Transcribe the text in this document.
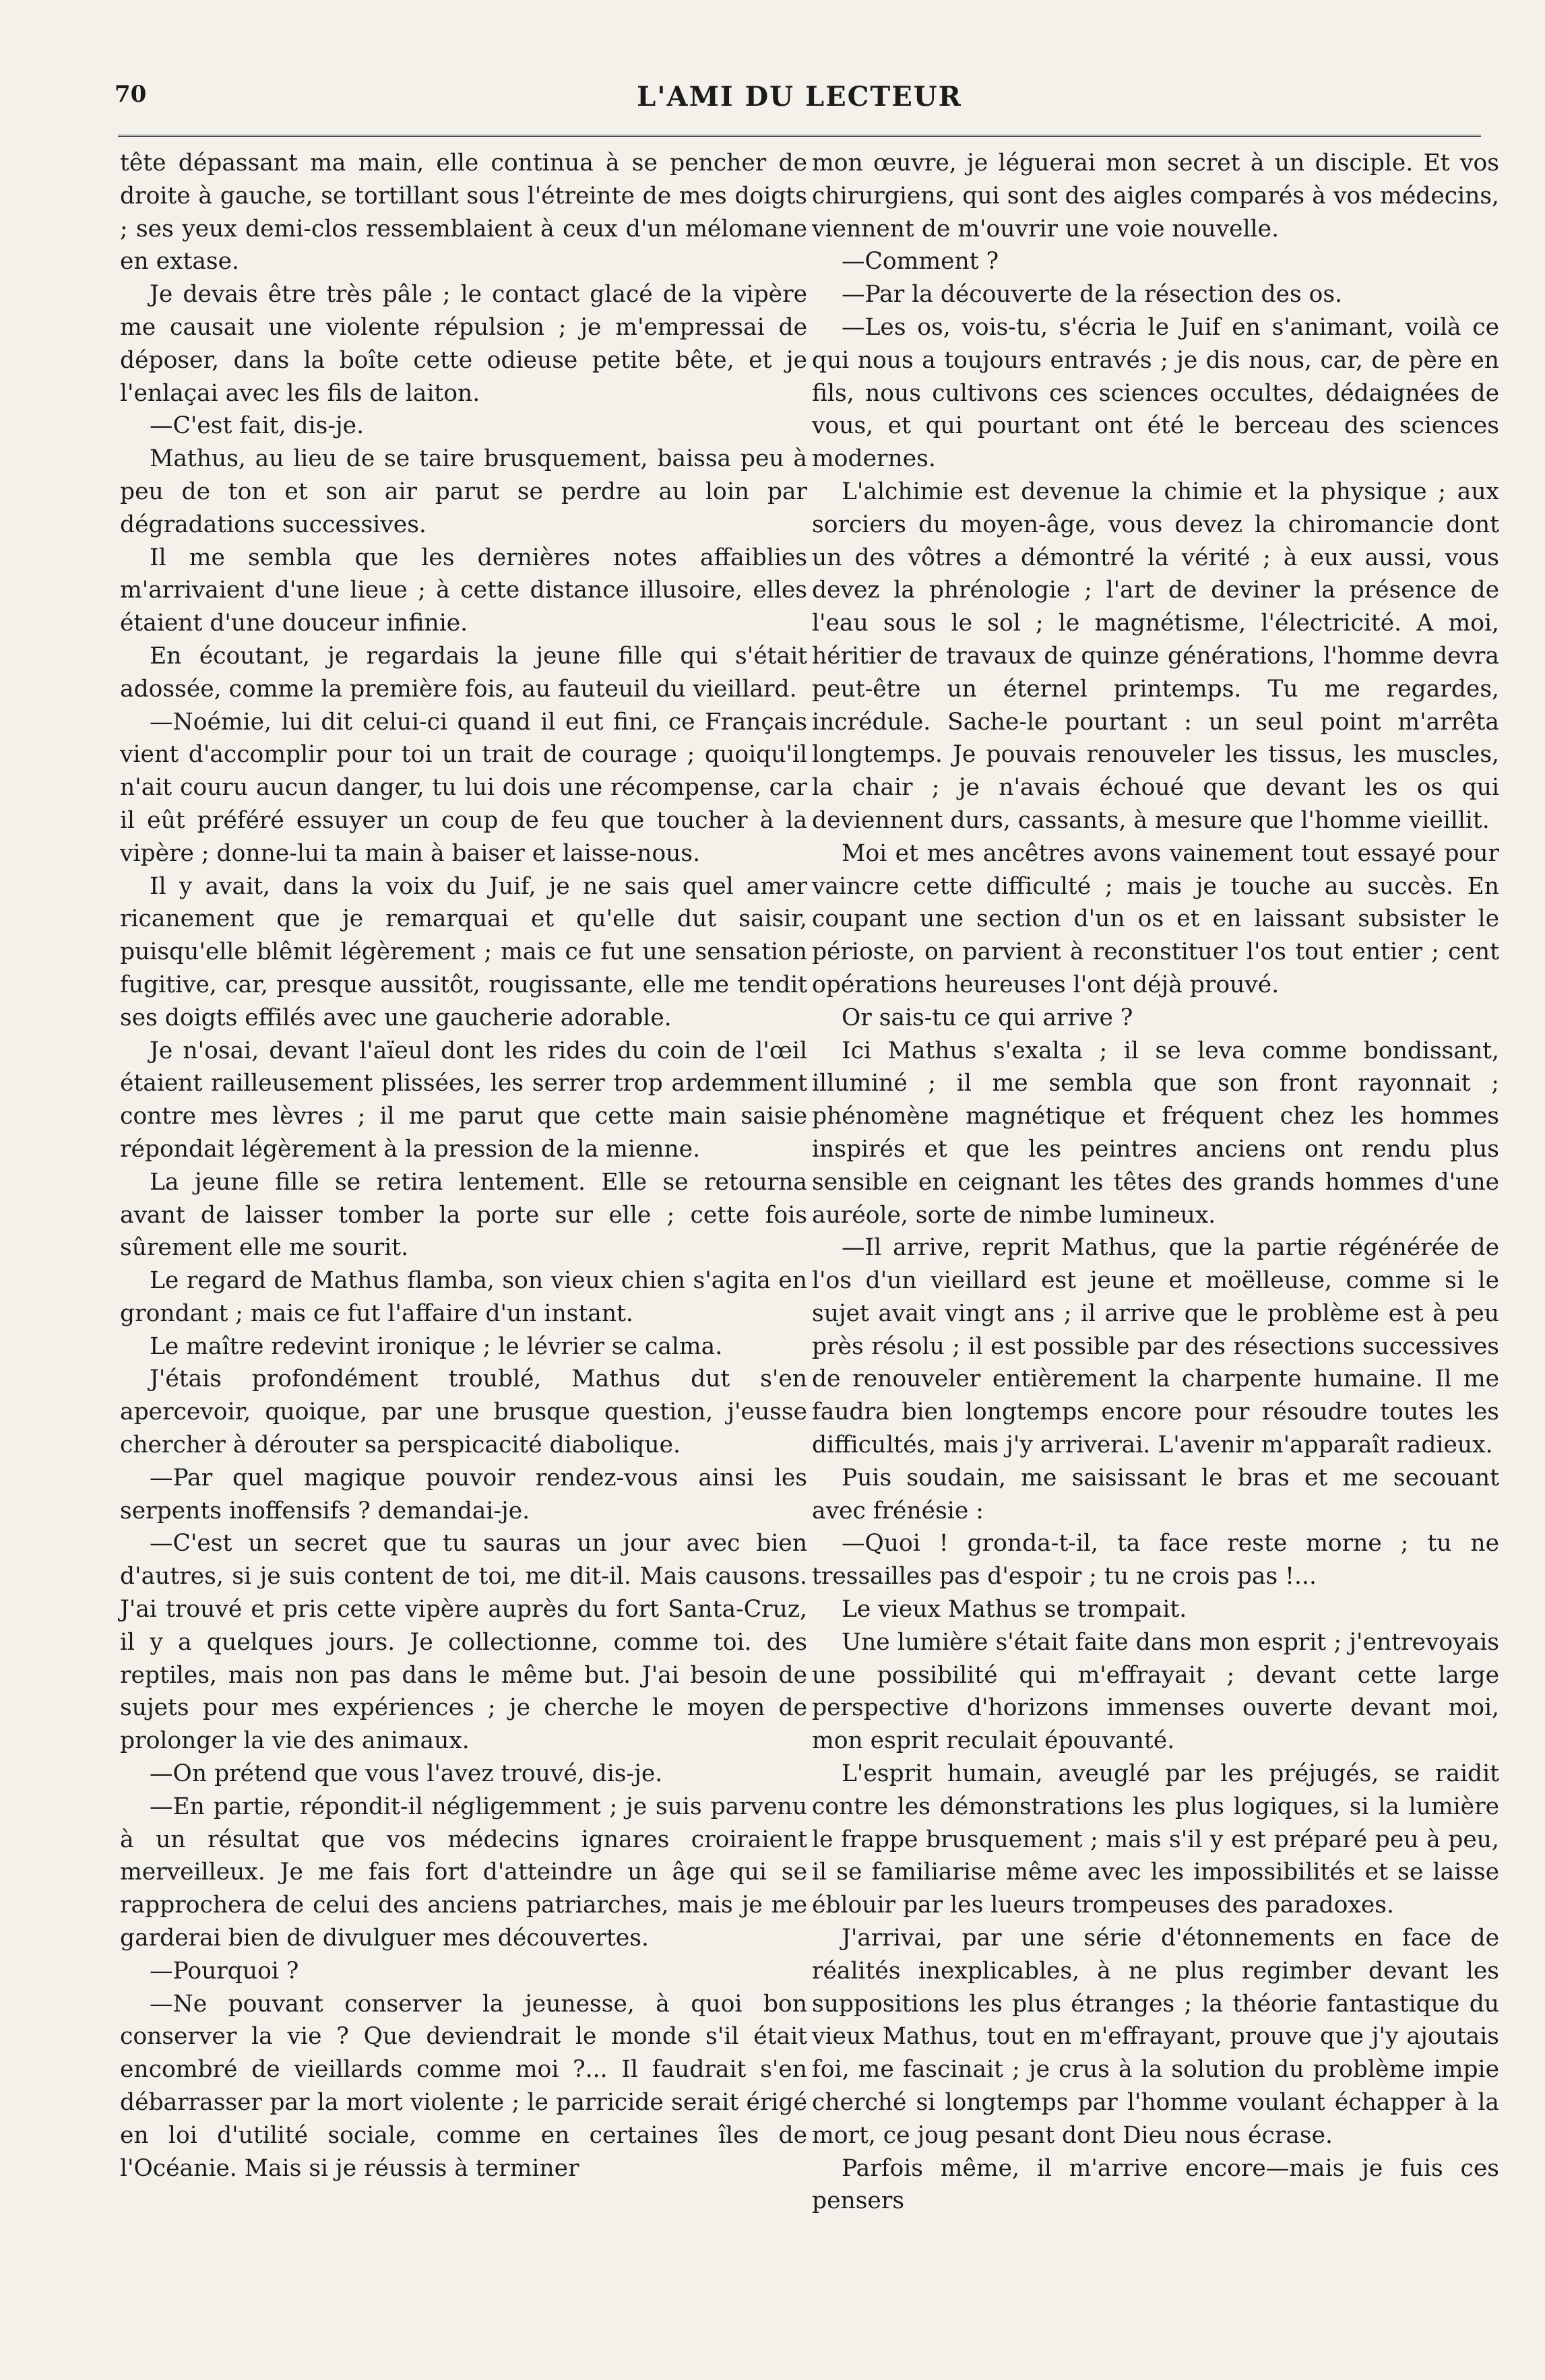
70	L'AMI DU LECTEUR

tête dépassant ma main, elle continua à se pencher de droite à gauche, se tortillant sous l'étreinte de mes doigts ; ses yeux demi-clos ressemblaient à ceux d'un mélomane en extase.

Je devais être très pâle ; le contact glacé de la vipère me causait une violente répulsion ; je m'empressai de déposer, dans la boîte cette odieuse petite bête, et je l'enlaçai avec les fils de laiton.

—C'est fait, dis-je.

Mathus, au lieu de se taire brusquement, baissa peu à peu de ton et son air parut se perdre au loin par dégradations successives.

Il me sembla que les dernières notes affaiblies m'arrivaient d'une lieue ; à cette distance illusoire, elles étaient d'une douceur infinie.

En écoutant, je regardais la jeune fille qui s'était adossée, comme la première fois, au fauteuil du vieillard.

—Noémie, lui dit celui-ci quand il eut fini, ce Français vient d'accomplir pour toi un trait de courage ; quoiqu'il n'ait couru aucun danger, tu lui dois une récompense, car il eût préféré essuyer un coup de feu que toucher à la vipère ; donne-lui ta main à baiser et laisse-nous.

Il y avait, dans la voix du Juif, je ne sais quel amer ricanement que je remarquai et qu'elle dut saisir, puisqu'elle blêmit légèrement ; mais ce fut une sensation fugitive, car, presque aussitôt, rougissante, elle me tendit ses doigts effilés avec une gaucherie adorable.

Je n'osai, devant l'aïeul dont les rides du coin de l'œil étaient railleusement plissées, les serrer trop ardemment contre mes lèvres ; il me parut que cette main saisie répondait légèrement à la pression de la mienne.

La jeune fille se retira lentement. Elle se retourna avant de laisser tomber la porte sur elle ; cette fois sûrement elle me sourit.

Le regard de Mathus flamba, son vieux chien s'agita en grondant ; mais ce fut l'affaire d'un instant.

Le maître redevint ironique ; le lévrier se calma.

J'étais profondément troublé, Mathus dut s'en apercevoir, quoique, par une brusque question, j'eusse chercher à dérouter sa perspicacité diabolique.

—Par quel magique pouvoir rendez-vous ainsi les serpents inoffensifs ? demandai-je.

—C'est un secret que tu sauras un jour avec bien d'autres, si je suis content de toi, me dit-il. Mais causons. J'ai trouvé et pris cette vipère auprès du fort Santa-Cruz, il y a quelques jours. Je collectionne, comme toi. des reptiles, mais non pas dans le même but. J'ai besoin de sujets pour mes expériences ; je cherche le moyen de prolonger la vie des animaux.

—On prétend que vous l'avez trouvé, dis-je.

—En partie, répondit-il négligemment ; je suis parvenu à un résultat que vos médecins ignares croiraient merveilleux. Je me fais fort d'atteindre un âge qui se rapprochera de celui des anciens patriarches, mais je me garderai bien de divulguer mes découvertes.

—Pourquoi ?

—Ne pouvant conserver la jeunesse, à quoi bon conserver la vie ? Que deviendrait le monde s'il était encombré de vieillards comme moi ?... Il faudrait s'en débarrasser par la mort violente ; le parricide serait érigé en loi d'utilité sociale, comme en certaines îles de l'Océanie. Mais si je réussis à terminer

mon œuvre, je léguerai mon secret à un disciple. Et vos chirurgiens, qui sont des aigles comparés à vos médecins, viennent de m'ouvrir une voie nouvelle.

—Comment ?

—Par la découverte de la résection des os.

—Les os, vois-tu, s'écria le Juif en s'animant, voilà ce qui nous a toujours entravés ; je dis nous, car, de père en fils, nous cultivons ces sciences occultes, dédaignées de vous, et qui pourtant ont été le berceau des sciences modernes.

L'alchimie est devenue la chimie et la physique ; aux sorciers du moyen-âge, vous devez la chiromancie dont un des vôtres a démontré la vérité ; à eux aussi, vous devez la phrénologie ; l'art de deviner la présence de l'eau sous le sol ; le magnétisme, l'électricité. A moi, héritier de travaux de quinze générations, l'homme devra peut-être un éternel printemps. Tu me regardes, incrédule. Sache-le pourtant : un seul point m'arrêta longtemps. Je pouvais renouveler les tissus, les muscles, la chair ; je n'avais échoué que devant les os qui deviennent durs, cassants, à mesure que l'homme vieillit.

Moi et mes ancêtres avons vainement tout essayé pour vaincre cette difficulté ; mais je touche au succès. En coupant une section d'un os et en laissant subsister le périoste, on parvient à reconstituer l'os tout entier ; cent opérations heureuses l'ont déjà prouvé.

Or sais-tu ce qui arrive ?

Ici Mathus s'exalta ; il se leva comme bondissant, illuminé ; il me sembla que son front rayonnait ; phénomène magnétique et fréquent chez les hommes inspirés et que les peintres anciens ont rendu plus sensible en ceignant les têtes des grands hommes d'une auréole, sorte de nimbe lumineux.

—Il arrive, reprit Mathus, que la partie régénérée de l'os d'un vieillard est jeune et moëlleuse, comme si le sujet avait vingt ans ; il arrive que le problème est à peu près résolu ; il est possible par des résections successives de renouveler entièrement la charpente humaine. Il me faudra bien longtemps encore pour résoudre toutes les difficultés, mais j'y arriverai. L'avenir m'apparaît radieux.

Puis soudain, me saisissant le bras et me secouant avec frénésie :

—Quoi ! gronda-t-il, ta face reste morne ; tu ne tressailles pas d'espoir ; tu ne crois pas !...

Le vieux Mathus se trompait.

Une lumière s'était faite dans mon esprit ; j'entrevoyais une possibilité qui m'effrayait ; devant cette large perspective d'horizons immenses ouverte devant moi, mon esprit reculait épouvanté.

L'esprit humain, aveuglé par les préjugés, se raidit contre les démonstrations les plus logiques, si la lumière le frappe brusquement ; mais s'il y est préparé peu à peu, il se familiarise même avec les impossibilités et se laisse éblouir par les lueurs trompeuses des paradoxes.

J'arrivai, par une série d'étonnements en face de réalités inexplicables, à ne plus regimber devant les suppositions les plus étranges ; la théorie fantastique du vieux Mathus, tout en m'effrayant, prouve que j'y ajoutais foi, me fascinait ; je crus à la solution du problème impie cherché si longtemps par l'homme voulant échapper à la mort, ce joug pesant dont Dieu nous écrase.

Parfois même, il m'arrive encore—mais je fuis ces pensers
